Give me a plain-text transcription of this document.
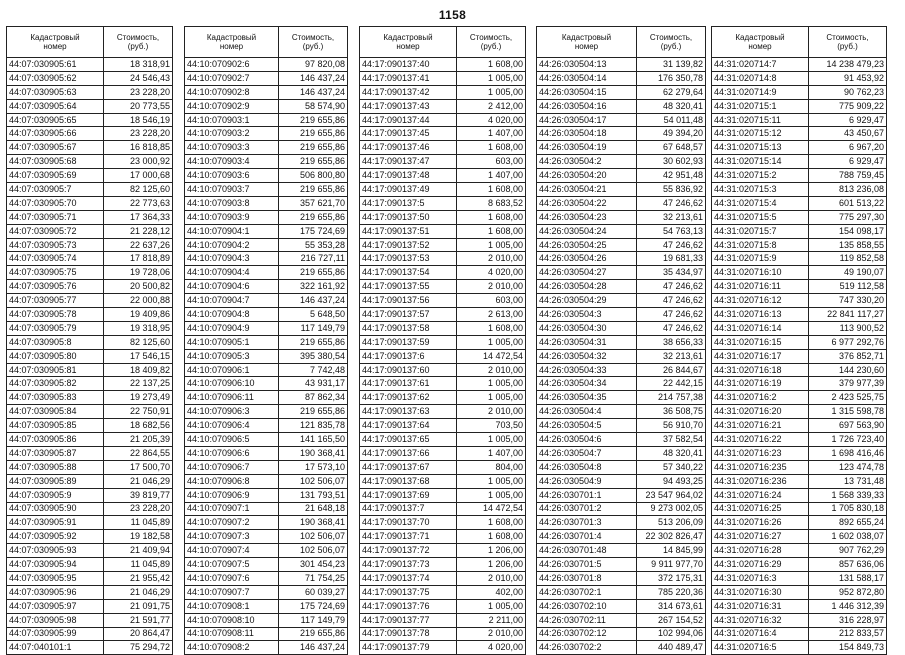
1158
Кадастровый
номер	Стоимость,
(руб.)
44:07:030905:61	18 318,91
44:07:030905:62	24 546,43
44:07:030905:63	23 228,20
44:07:030905:64	20 773,55
44:07:030905:65	18 546,19
44:07:030905:66	23 228,20
44:07:030905:67	16 818,85
44:07:030905:68	23 000,92
44:07:030905:69	17 000,68
44:07:030905:7	82 125,60
44:07:030905:70	22 773,63
44:07:030905:71	17 364,33
44:07:030905:72	21 228,12
44:07:030905:73	22 637,26
44:07:030905:74	17 818,89
44:07:030905:75	19 728,06
44:07:030905:76	20 500,82
44:07:030905:77	22 000,88
44:07:030905:78	19 409,86
44:07:030905:79	19 318,95
44:07:030905:8	82 125,60
44:07:030905:80	17 546,15
44:07:030905:81	18 409,82
44:07:030905:82	22 137,25
44:07:030905:83	19 273,49
44:07:030905:84	22 750,91
44:07:030905:85	18 682,56
44:07:030905:86	21 205,39
44:07:030905:87	22 864,55
44:07:030905:88	17 500,70
44:07:030905:89	21 046,29
44:07:030905:9	39 819,77
44:07:030905:90	23 228,20
44:07:030905:91	11 045,89
44:07:030905:92	19 182,58
44:07:030905:93	21 409,94
44:07:030905:94	11 045,89
44:07:030905:95	21 955,42
44:07:030905:96	21 046,29
44:07:030905:97	21 091,75
44:07:030905:98	21 591,77
44:07:030905:99	20 864,47
44:07:040101:1	75 294,72
Кадастровый
номер	Стоимость,
(руб.)
44:10:070902:6	97 820,08
44:10:070902:7	146 437,24
44:10:070902:8	146 437,24
44:10:070902:9	58 574,90
44:10:070903:1	219 655,86
44:10:070903:2	219 655,86
44:10:070903:3	219 655,86
44:10:070903:4	219 655,86
44:10:070903:6	506 800,80
44:10:070903:7	219 655,86
44:10:070903:8	357 621,70
44:10:070903:9	219 655,86
44:10:070904:1	175 724,69
44:10:070904:2	55 353,28
44:10:070904:3	216 727,11
44:10:070904:4	219 655,86
44:10:070904:6	322 161,92
44:10:070904:7	146 437,24
44:10:070904:8	5 648,50
44:10:070904:9	117 149,79
44:10:070905:1	219 655,86
44:10:070905:3	395 380,54
44:10:070906:1	7 742,48
44:10:070906:10	43 931,17
44:10:070906:11	87 862,34
44:10:070906:3	219 655,86
44:10:070906:4	121 835,78
44:10:070906:5	141 165,50
44:10:070906:6	190 368,41
44:10:070906:7	17 573,10
44:10:070906:8	102 506,07
44:10:070906:9	131 793,51
44:10:070907:1	21 648,18
44:10:070907:2	190 368,41
44:10:070907:3	102 506,07
44:10:070907:4	102 506,07
44:10:070907:5	301 454,23
44:10:070907:6	71 754,25
44:10:070907:7	60 039,27
44:10:070908:1	175 724,69
44:10:070908:10	117 149,79
44:10:070908:11	219 655,86
44:10:070908:2	146 437,24
Кадастровый
номер	Стоимость,
(руб.)
44:17:090137:40	1 608,00
44:17:090137:41	1 005,00
44:17:090137:42	1 005,00
44:17:090137:43	2 412,00
44:17:090137:44	4 020,00
44:17:090137:45	1 407,00
44:17:090137:46	1 608,00
44:17:090137:47	603,00
44:17:090137:48	1 407,00
44:17:090137:49	1 608,00
44:17:090137:5	8 683,52
44:17:090137:50	1 608,00
44:17:090137:51	1 608,00
44:17:090137:52	1 005,00
44:17:090137:53	2 010,00
44:17:090137:54	4 020,00
44:17:090137:55	2 010,00
44:17:090137:56	603,00
44:17:090137:57	2 613,00
44:17:090137:58	1 608,00
44:17:090137:59	1 005,00
44:17:090137:6	14 472,54
44:17:090137:60	2 010,00
44:17:090137:61	1 005,00
44:17:090137:62	1 005,00
44:17:090137:63	2 010,00
44:17:090137:64	703,50
44:17:090137:65	1 005,00
44:17:090137:66	1 407,00
44:17:090137:67	804,00
44:17:090137:68	1 005,00
44:17:090137:69	1 005,00
44:17:090137:7	14 472,54
44:17:090137:70	1 608,00
44:17:090137:71	1 608,00
44:17:090137:72	1 206,00
44:17:090137:73	1 206,00
44:17:090137:74	2 010,00
44:17:090137:75	402,00
44:17:090137:76	1 005,00
44:17:090137:77	2 211,00
44:17:090137:78	2 010,00
44:17:090137:79	4 020,00
Кадастровый
номер	Стоимость,
(руб.)
44:26:030504:13	31 139,82
44:26:030504:14	176 350,78
44:26:030504:15	62 279,64
44:26:030504:16	48 320,41
44:26:030504:17	54 011,48
44:26:030504:18	49 394,20
44:26:030504:19	67 648,57
44:26:030504:2	30 602,93
44:26:030504:20	42 951,48
44:26:030504:21	55 836,92
44:26:030504:22	47 246,62
44:26:030504:23	32 213,61
44:26:030504:24	54 763,13
44:26:030504:25	47 246,62
44:26:030504:26	19 681,33
44:26:030504:27	35 434,97
44:26:030504:28	47 246,62
44:26:030504:29	47 246,62
44:26:030504:3	47 246,62
44:26:030504:30	47 246,62
44:26:030504:31	38 656,33
44:26:030504:32	32 213,61
44:26:030504:33	26 844,67
44:26:030504:34	22 442,15
44:26:030504:35	214 757,38
44:26:030504:4	36 508,75
44:26:030504:5	56 910,70
44:26:030504:6	37 582,54
44:26:030504:7	48 320,41
44:26:030504:8	57 340,22
44:26:030504:9	94 493,25
44:26:030701:1	23 547 964,02
44:26:030701:2	9 273 002,05
44:26:030701:3	513 206,09
44:26:030701:4	22 302 826,47
44:26:030701:48	14 845,99
44:26:030701:5	9 911 977,70
44:26:030701:8	372 175,31
44:26:030702:1	785 220,36
44:26:030702:10	314 673,61
44:26:030702:11	267 154,52
44:26:030702:12	102 994,06
44:26:030702:2	440 489,47
Кадастровый
номер	Стоимость,
(руб.)
44:31:020714:7	14 238 479,23
44:31:020714:8	91 453,92
44:31:020714:9	90 762,23
44:31:020715:1	775 909,22
44:31:020715:11	6 929,47
44:31:020715:12	43 450,67
44:31:020715:13	6 967,20
44:31:020715:14	6 929,47
44:31:020715:2	788 759,45
44:31:020715:3	813 236,08
44:31:020715:4	601 513,22
44:31:020715:5	775 297,30
44:31:020715:7	154 098,17
44:31:020715:8	135 858,55
44:31:020715:9	119 852,58
44:31:020716:10	49 190,07
44:31:020716:11	519 112,58
44:31:020716:12	747 330,20
44:31:020716:13	22 841 117,27
44:31:020716:14	113 900,52
44:31:020716:15	6 977 292,76
44:31:020716:17	376 852,71
44:31:020716:18	144 230,60
44:31:020716:19	379 977,39
44:31:020716:2	2 423 525,75
44:31:020716:20	1 315 598,78
44:31:020716:21	697 563,90
44:31:020716:22	1 726 723,40
44:31:020716:23	1 698 416,46
44:31:020716:235	123 474,78
44:31:020716:236	13 731,48
44:31:020716:24	1 568 339,33
44:31:020716:25	1 705 830,18
44:31:020716:26	892 655,24
44:31:020716:27	1 602 038,07
44:31:020716:28	907 762,29
44:31:020716:29	857 636,06
44:31:020716:3	131 588,17
44:31:020716:30	952 872,80
44:31:020716:31	1 446 312,39
44:31:020716:32	316 228,97
44:31:020716:4	212 833,57
44:31:020716:5	154 849,73
